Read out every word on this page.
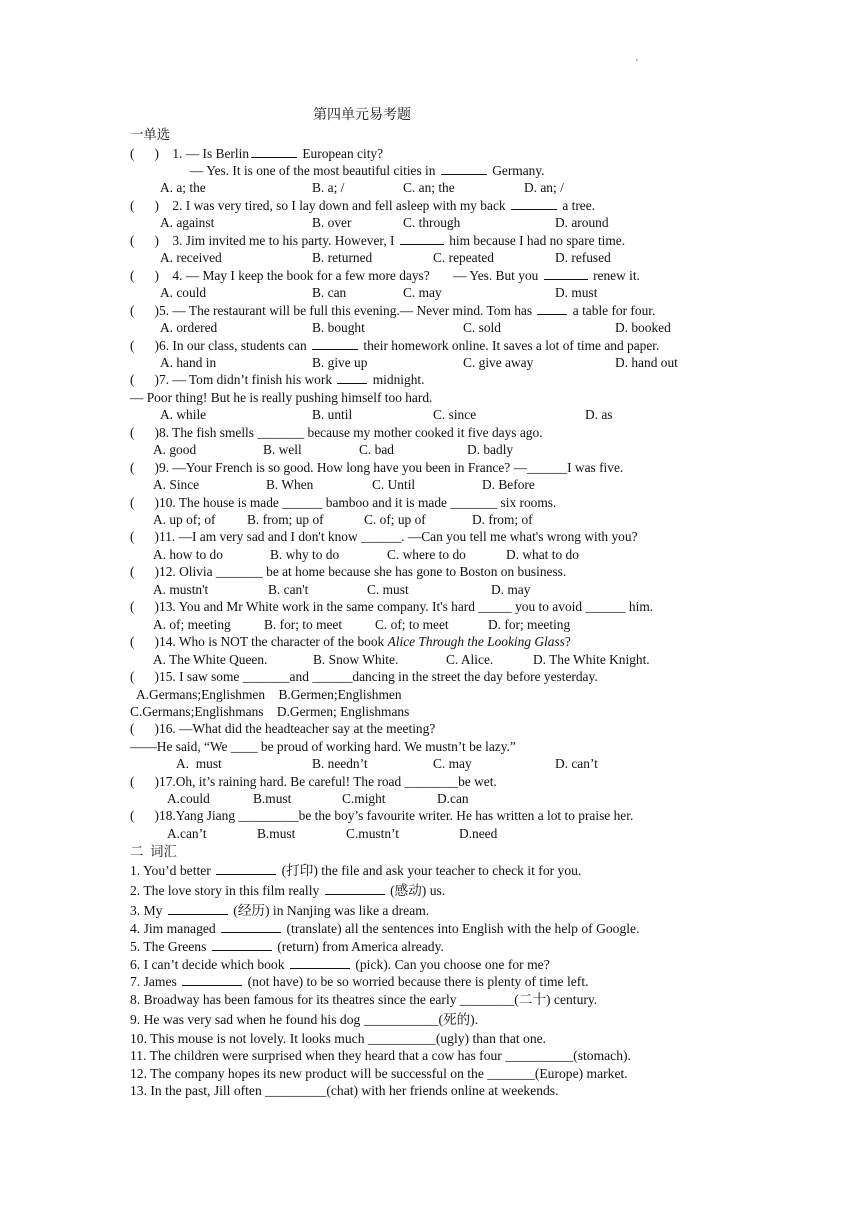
'
第四单元易考题
一单选
(      )    1. — Is Berlin	European city?
— Yes. It is one of the most beautiful cities in	Germany.
A. a; the	B. a; /	C. an; the	D. an; /
(      )    2. I was very tired, so I lay down and fell asleep with my back	a tree.
A. against	B. over	C. through	D. around
(      )    3. Jim invited me to his party. However, I	him because I had no spare time.
A. received	B. returned	C. repeated	D. refused
(      )    4. — May I keep the book for a few more days?       — Yes. But you	renew it.
A. could	B. can	C. may	D. must
(      )5. — The restaurant will be full this evening.— Never mind. Tom has	a table for four.
A. ordered	B. bought	C. sold	D. booked
(      )6. In our class, students can	their homework online. It saves a lot of time and paper.
A. hand in	B. give up	C. give away	D. hand out
(      )7. — Tom didn’t finish his work	midnight.
— Poor thing! But he is really pushing himself too hard.
A. while	B. until	C. since	D. as
(      )8. The fish smells _______ because my mother cooked it five days ago.
A. good	B. well	C. bad	D. badly
(      )9. —Your French is so good. How long have you been in France? —______I was five.
A. Since	B. When	C. Until	D. Before
(      )10. The house is made ______ bamboo and it is made _______ six rooms.
A. up of; of B. from; up of	C. of; up of	D. from; of
(      )11. —I am very sad and I don't know ______. —Can you tell me what's wrong with you?
A. how to do	B. why to do	C. where to do	D. what to do
(      )12. Olivia _______ be at home because she has gone to Boston on business.
A. mustn't	B. can't	C. must	D. may
(      )13. You and Mr White work in the same company. It's hard _____ you to avoid ______ him.
A. of; meeting B. for; to meet C. of; to meet	D. for; meeting
(      )14. Who is NOT the character of the book Alice Through the Looking Glass?
A. The White Queen.	B. Snow White.	C. Alice.	D. The White Knight.
(      )15. I saw some _______and ______dancing in the street the day before yesterday.
A.Germans;Englishmen    B.Germen;Englishmen
C.Germans;Englishmans    D.Germen; Englishmans
(      )16. —What did the headteacher say at the meeting?
——He said, “We ____ be proud of working hard. We mustn’t be lazy.”
A.  must	B. needn’t	C. may	D. can’t
(      )17.Oh, it’s raining hard. Be careful! The road ________be wet.
A.could	B.must	C.might	D.can
(      )18.Yang Jiang _________be the boy’s favourite writer. He has written a lot to praise her.
A.can’t	B.must	C.mustn’t	D.need
二  词汇
1. You’d better	(打印) the file and ask your teacher to check it for you.
2. The love story in this film really	(感动) us.
3. My	(经历) in Nanjing was like a dream.
4. Jim managed	(translate) all the sentences into English with the help of Google.
5. The Greens	(return) from America already.
6. I can’t decide which book	(pick). Can you choose one for me?
7. James	(not have) to be so worried because there is plenty of time left.
8. Broadway has been famous for its theatres since the early ________(二十) century.
9. He was very sad when he found his dog ___________(死的).
10. This mouse is not lovely. It looks much __________(ugly) than that one.
11. The children were surprised when they heard that a cow has four __________(stomach).
12. The company hopes its new product will be successful on the _______(Europe) market.
13. In the past, Jill often _________(chat) with her friends online at weekends.
